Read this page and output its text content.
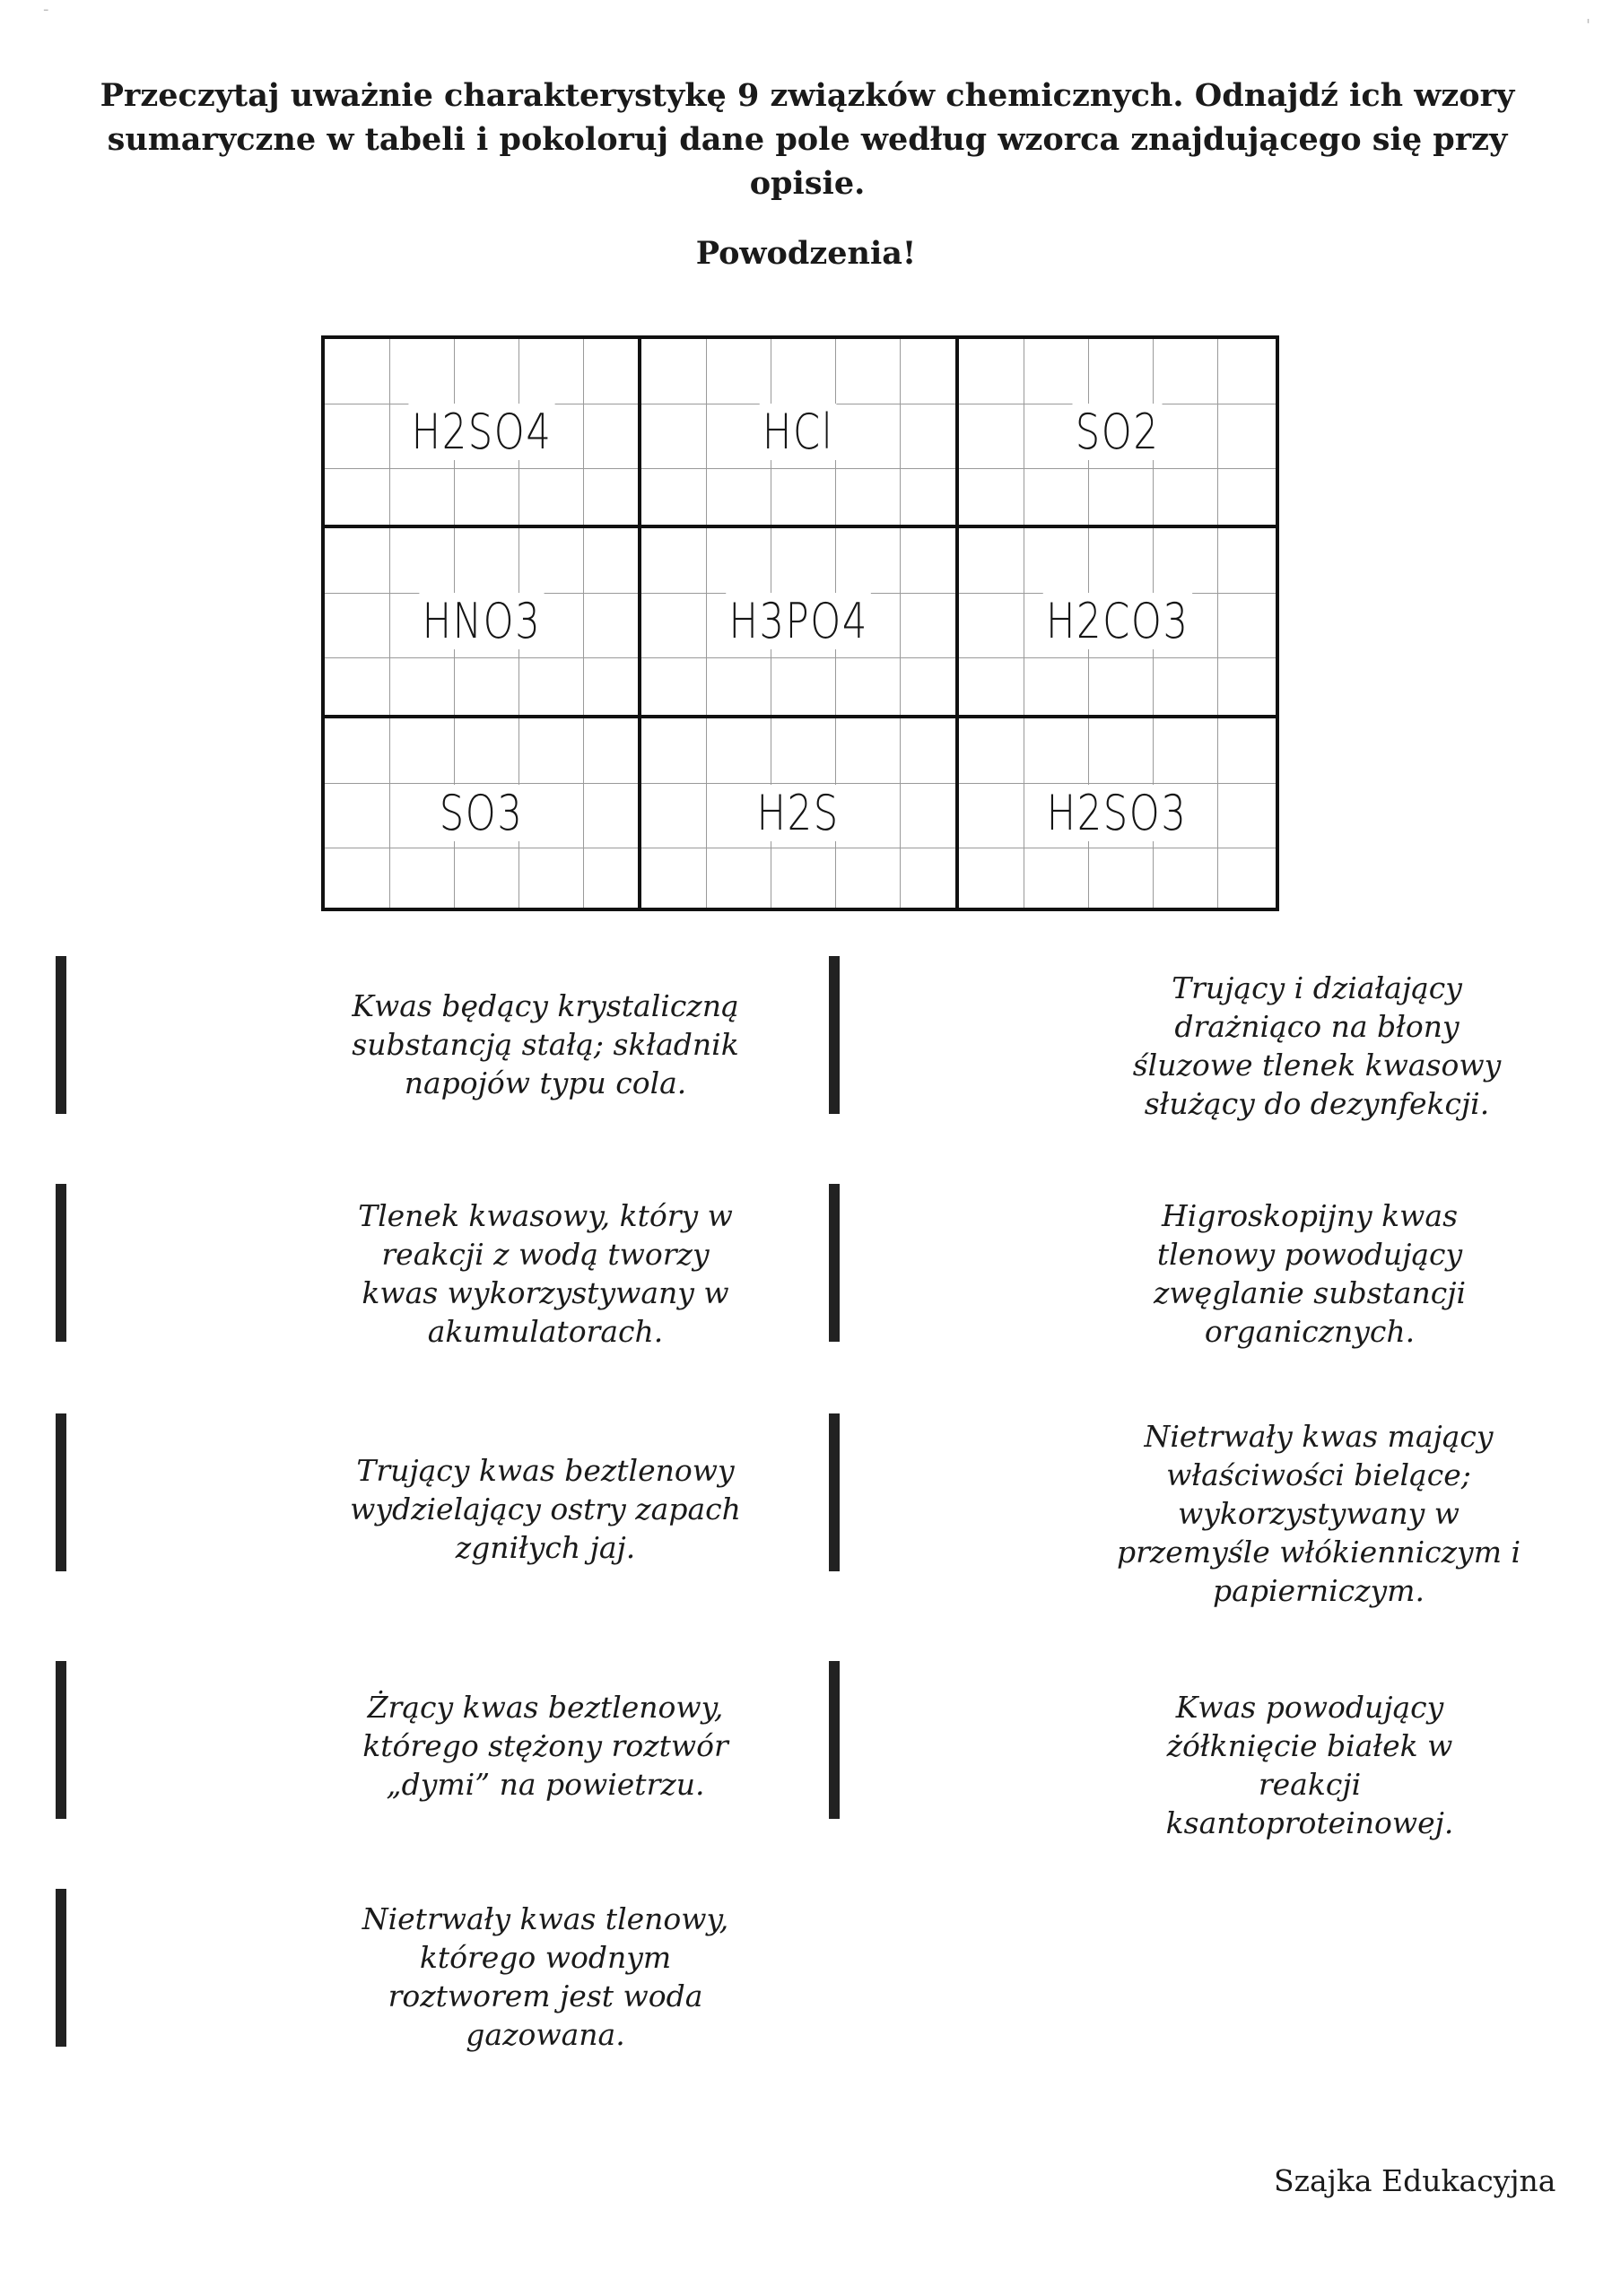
Przeczytaj uważnie charakterystykę 9 związków chemicznych. Odnajdź ich wzory
sumaryczne w tabeli i pokoloruj dane pole według wzorca znajdującego się przy
opisie.
Powodzenia!
H2SO4	HCl	SO2
HNO3	H3PO4	H2CO3
SO3	H2S	H2SO3

Kwas będący krystaliczną substancją stałą; składnik napojów typu cola.

Trujący i działający drażniąco na błony śluzowe tlenek kwasowy służący do dezynfekcji.

Tlenek kwasowy, który w reakcji z wodą tworzy kwas wykorzystywany w akumulatorach.

Higroskopijny kwas tlenowy powodujący zwęglanie substancji organicznych.

Trujący kwas beztlenowy wydzielający ostry zapach zgniłych jaj.

Nietrwały kwas mający właściwości bielące; wykorzystywany w przemyśle włókienniczym i papierniczym.

Żrący kwas beztlenowy, którego stężony roztwór „dymi” na powietrzu.

Kwas powodujący żółknięcie białek w reakcji ksantoproteinowej.

Nietrwały kwas tlenowy, którego wodnym roztworem jest woda gazowana.
Szajka Edukacyjna
-
'
